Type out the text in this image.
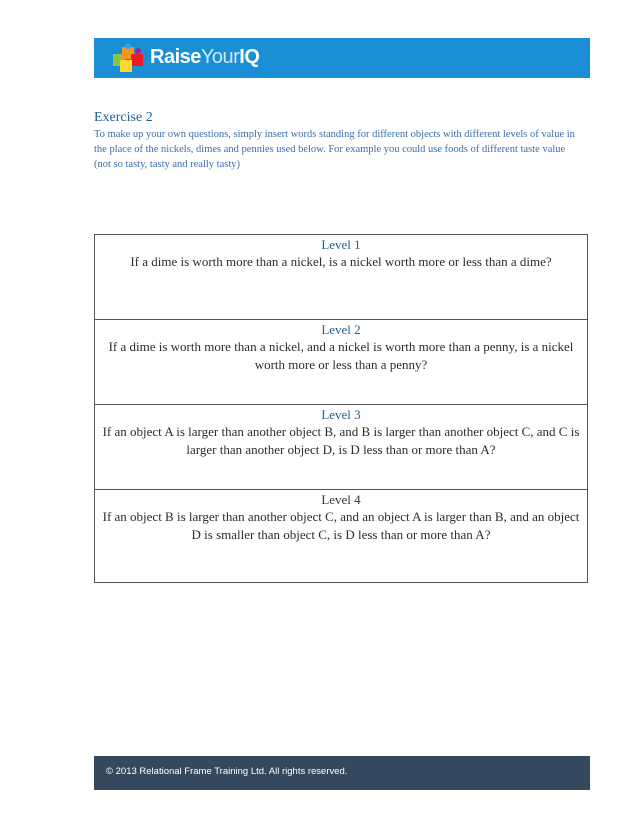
RaiseYourIQ
Exercise 2
To make up your own questions, simply insert words standing for different objects with different levels of value in the place of the nickels, dimes and pennies used below. For example you could use foods of different taste value (not so tasty, tasty and really tasty)
Level 1
If a dime is worth more than a nickel, is a nickel worth more or less than a dime?
Level 2
If a dime is worth more than a nickel, and a nickel is worth more than a penny, is a nickel worth more or less than a penny?
Level 3
If an object A is larger than another object B, and B is larger than another object C, and C is larger than another object D, is D less than or more than A?
Level 4
If an object B is larger than another object C, and an object A is larger than B, and an object D is smaller than object C, is D less than or more than A?
© 2013 Relational Frame Training Ltd. All rights reserved.
